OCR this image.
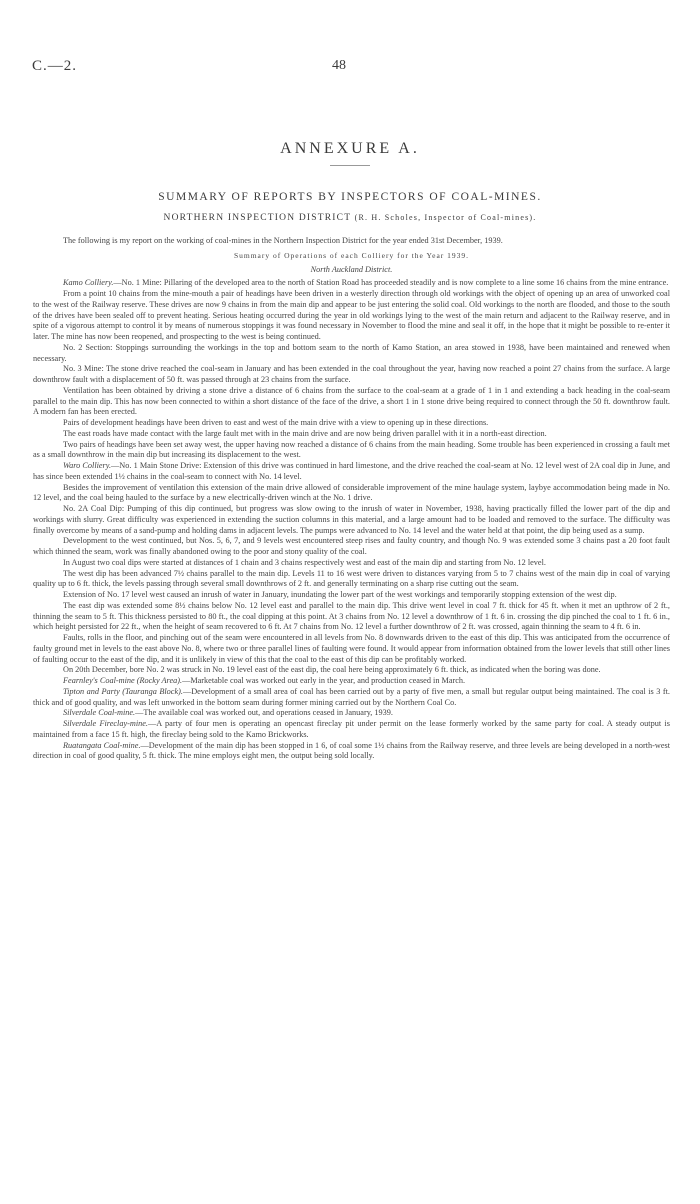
C.—2.	48
ANNEXURE A.
SUMMARY OF REPORTS BY INSPECTORS OF COAL-MINES.
NORTHERN INSPECTION DISTRICT (R. H. Scholes, Inspector of Coal-mines).

The following is my report on the working of coal-mines in the Northern Inspection District for the year ended 31st December, 1939.

Summary of Operations of each Colliery for the Year 1939.

North Auckland District.

Kamo Colliery.—No. 1 Mine: Pillaring of the developed area to the north of Station Road has proceeded steadily and is now complete to a line some 16 chains from the mine entrance.

From a point 10 chains from the mine-mouth a pair of headings have been driven in a westerly direction through old workings with the object of opening up an area of unworked coal to the west of the Railway reserve. These drives are now 9 chains in from the main dip and appear to be just entering the solid coal. Old workings to the north are flooded, and those to the south of the drives have been sealed off to prevent heating. Serious heating occurred during the year in old workings lying to the west of the main return and adjacent to the Railway reserve, and in spite of a vigorous attempt to control it by means of numerous stoppings it was found necessary in November to flood the mine and seal it off, in the hope that it might be possible to re-enter it later. The mine has now been reopened, and prospecting to the west is being continued.

No. 2 Section: Stoppings surrounding the workings in the top and bottom seam to the north of Kamo Station, an area stowed in 1938, have been maintained and renewed when necessary.

No. 3 Mine: The stone drive reached the coal-seam in January and has been extended in the coal throughout the year, having now reached a point 27 chains from the surface. A large downthrow fault with a displacement of 50 ft. was passed through at 23 chains from the surface.

Ventilation has been obtained by driving a stone drive a distance of 6 chains from the surface to the coal-seam at a grade of 1 in 1 and extending a back heading in the coal-seam parallel to the main dip. This has now been connected to within a short distance of the face of the drive, a short 1 in 1 stone drive being required to connect through the 50 ft. downthrow fault. A modern fan has been erected.

Pairs of development headings have been driven to east and west of the main drive with a view to opening up in these directions.

The east roads have made contact with the large fault met with in the main drive and are now being driven parallel with it in a north-east direction.

Two pairs of headings have been set away west, the upper having now reached a distance of 6 chains from the main heading. Some trouble has been experienced in crossing a fault met as a small downthrow in the main dip but increasing its displacement to the west.

Waro Colliery.—No. 1 Main Stone Drive: Extension of this drive was continued in hard limestone, and the drive reached the coal-seam at No. 12 level west of 2A coal dip in June, and has since been extended 1½ chains in the coal-seam to connect with No. 14 level.

Besides the improvement of ventilation this extension of the main drive allowed of considerable improvement of the mine haulage system, laybye accommodation being made in No. 12 level, and the coal being hauled to the surface by a new electrically-driven winch at the No. 1 drive.

No. 2A Coal Dip: Pumping of this dip continued, but progress was slow owing to the inrush of water in November, 1938, having practically filled the lower part of the dip and workings with slurry. Great difficulty was experienced in extending the suction columns in this material, and a large amount had to be loaded and removed to the surface. The difficulty was finally overcome by means of a sand-pump and holding dams in adjacent levels. The pumps were advanced to No. 14 level and the water held at that point, the dip being used as a sump.

Development to the west continued, but Nos. 5, 6, 7, and 9 levels west encountered steep rises and faulty country, and though No. 9 was extended some 3 chains past a 20 foot fault which thinned the seam, work was finally abandoned owing to the poor and stony quality of the coal.

In August two coal dips were started at distances of 1 chain and 3 chains respectively west and east of the main dip and starting from No. 12 level.

The west dip has been advanced 7½ chains parallel to the main dip. Levels 11 to 16 west were driven to distances varying from 5 to 7 chains west of the main dip in coal of varying quality up to 6 ft. thick, the levels passing through several small downthrows of 2 ft. and generally terminating on a sharp rise cutting out the seam.

Extension of No. 17 level west caused an inrush of water in January, inundating the lower part of the west workings and temporarily stopping extension of the west dip.

The east dip was extended some 8½ chains below No. 12 level east and parallel to the main dip. This drive went level in coal 7 ft. thick for 45 ft. when it met an upthrow of 2 ft., thinning the seam to 5 ft. This thickness persisted to 80 ft., the coal dipping at this point. At 3 chains from No. 12 level a downthrow of 1 ft. 6 in. crossing the dip pinched the coal to 1 ft. 6 in., which height persisted for 22 ft., when the height of seam recovered to 6 ft. At 7 chains from No. 12 level a further downthrow of 2 ft. was crossed, again thinning the seam to 4 ft. 6 in.

Faults, rolls in the floor, and pinching out of the seam were encountered in all levels from No. 8 downwards driven to the east of this dip. This was anticipated from the occurrence of faulty ground met in levels to the east above No. 8, where two or three parallel lines of faulting were found. It would appear from information obtained from the lower levels that still other lines of faulting occur to the east of the dip, and it is unlikely in view of this that the coal to the east of this dip can be profitably worked.

On 20th December, bore No. 2 was struck in No. 19 level east of the east dip, the coal here being approximately 6 ft. thick, as indicated when the boring was done.

Fearnley's Coal-mine (Rocky Area).—Marketable coal was worked out early in the year, and production ceased in March.

Tipton and Party (Tauranga Block).—Development of a small area of coal has been carried out by a party of five men, a small but regular output being maintained. The coal is 3 ft. thick and of good quality, and was left unworked in the bottom seam during former mining carried out by the Northern Coal Co.

Silverdale Coal-mine.—The available coal was worked out, and operations ceased in January, 1939.

Silverdale Fireclay-mine.—A party of four men is operating an opencast fireclay pit under permit on the lease formerly worked by the same party for coal. A steady output is maintained from a face 15 ft. high, the fireclay being sold to the Kamo Brickworks.

Ruatangata Coal-mine.—Development of the main dip has been stopped in 1 6, of coal some 1½ chains from the Railway reserve, and three levels are being developed in a north-west direction in coal of good quality, 5 ft. thick. The mine employs eight men, the output being sold locally.
